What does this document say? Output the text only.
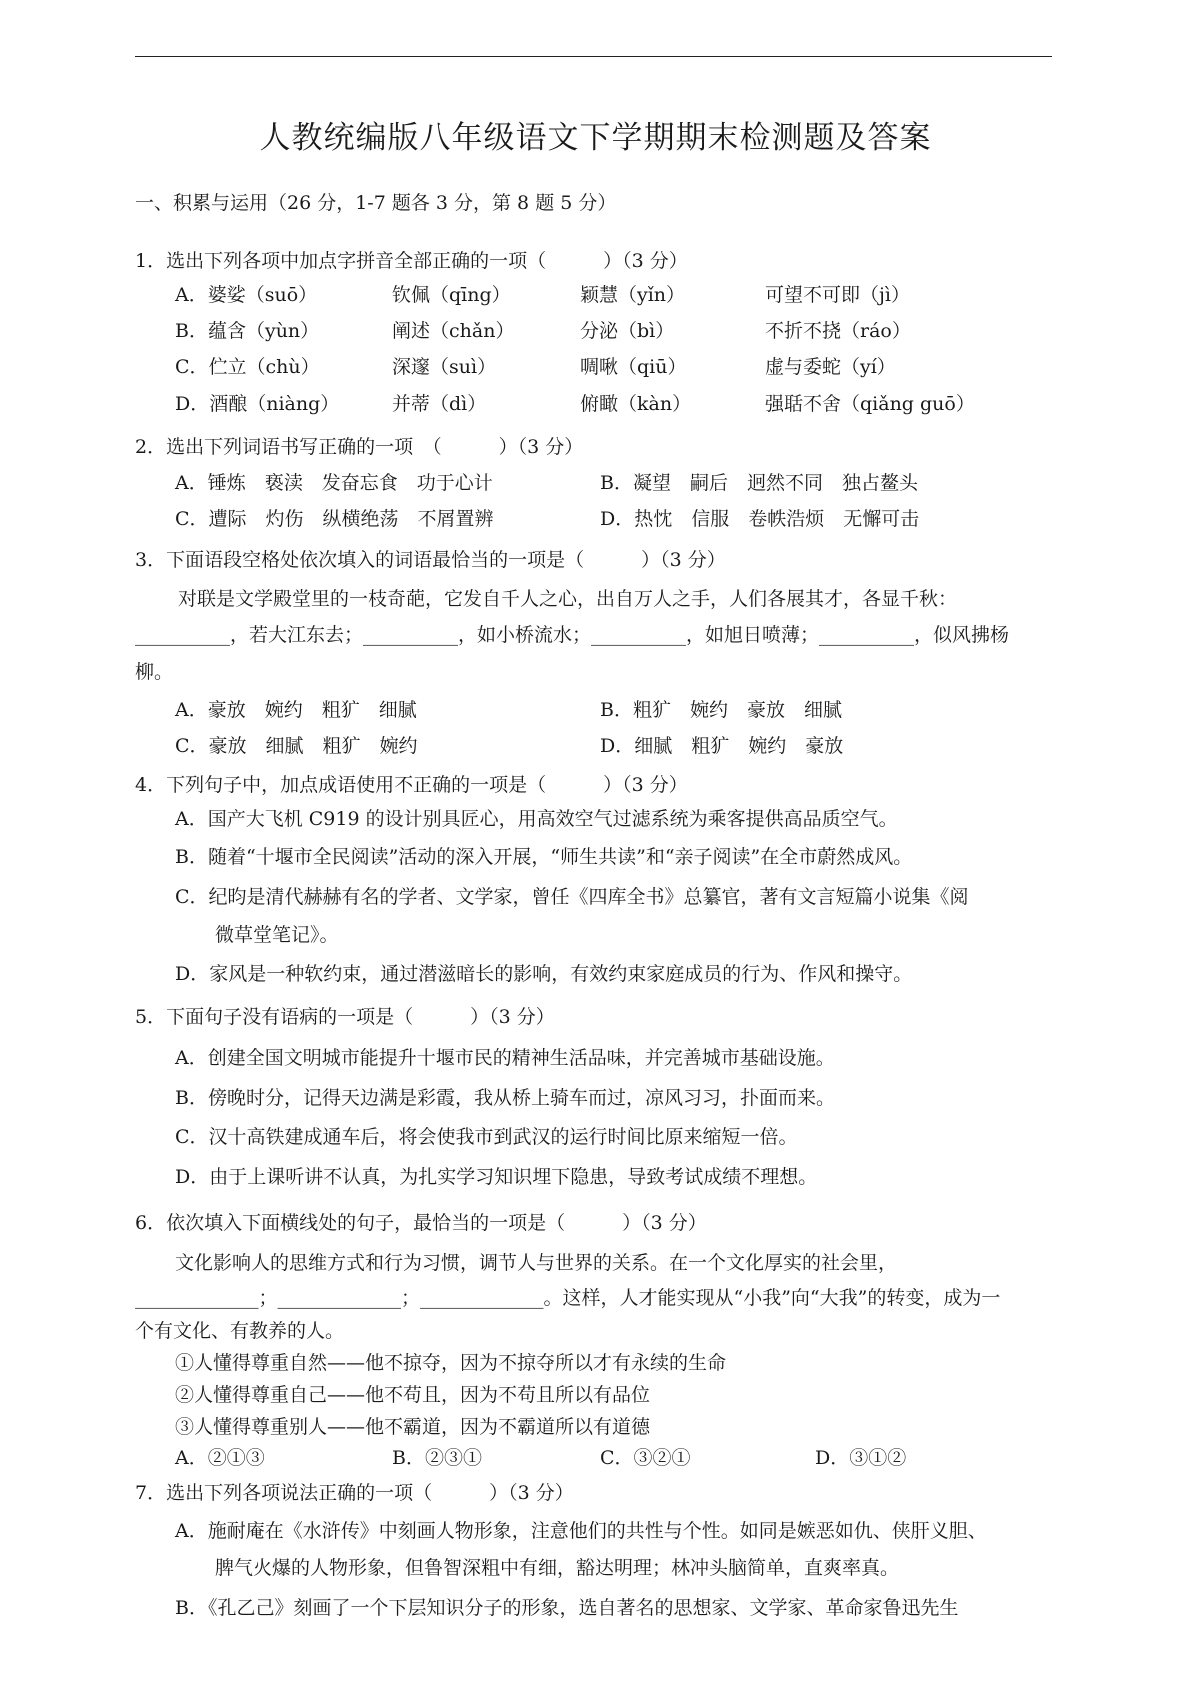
人教统编版八年级语文下学期期末检测题及答案
一、积累与运用（26 分，1-7 题各 3 分，第 8 题 5 分）
1．选出下列各项中加点字拼音全部正确的一项（　　　）（3 分）
A．婆娑（suō）	钦佩（qīng）	颖慧（yǐn）	可望不可即（jì）
B．蕴含（yùn）	阐述（chǎn）	分泌（bì）	不折不挠（ráo）
C．伫立（chù）	深邃（suì）	啁啾（qiū）	虚与委蛇（yí）
D．酒酿（niàng）	并蒂（dì）	俯瞰（kàn）	强聒不舍（qiǎng guō）
2．选出下列词语书写正确的一项　（　　　）（3 分）
A．锤炼　亵渎　发奋忘食　功于心计	B．凝望　嗣后　迥然不同　独占鳌头
C．遭际　灼伤　纵横绝荡　不屑置辨	D．热忱　信服　卷帙浩烦　无懈可击
3．下面语段空格处依次填入的词语最恰当的一项是（　　　）（3 分）
对联是文学殿堂里的一枝奇葩，它发自千人之心，出自万人之手，人们各展其才，各显千秋：
__________，若大江东去；__________，如小桥流水；__________，如旭日喷薄；__________，似风拂杨
柳。
A．豪放　婉约　粗犷　细腻	B．粗犷　婉约　豪放　细腻
C．豪放　细腻　粗犷　婉约	D．细腻　粗犷　婉约　豪放
4．下列句子中，加点成语使用不正确的一项是（　　　）（3 分）
A．国产大飞机 C919 的设计别具匠心，用高效空气过滤系统为乘客提供高品质空气。
B．随着“十堰市全民阅读”活动的深入开展，“师生共读”和“亲子阅读”在全市蔚然成风。
C．纪昀是清代赫赫有名的学者、文学家，曾任《四库全书》总纂官，著有文言短篇小说集《阅
微草堂笔记》。
D．家风是一种软约束，通过潜滋暗长的影响，有效约束家庭成员的行为、作风和操守。
5．下面句子没有语病的一项是（　　　）（3 分）
A．创建全国文明城市能提升十堰市民的精神生活品味，并完善城市基础设施。
B．傍晚时分，记得天边满是彩霞，我从桥上骑车而过，凉风习习，扑面而来。
C．汉十高铁建成通车后，将会使我市到武汉的运行时间比原来缩短一倍。
D．由于上课听讲不认真，为扎实学习知识埋下隐患，导致考试成绩不理想。
6．依次填入下面横线处的句子，最恰当的一项是（　　　）（3 分）
文化影响人的思维方式和行为习惯，调节人与世界的关系。在一个文化厚实的社会里，
_____________；_____________；_____________。这样，人才能实现从“小我”向“大我”的转变，成为一
个有文化、有教养的人。
①人懂得尊重自然——他不掠夺，因为不掠夺所以才有永续的生命
②人懂得尊重自己——他不苟且，因为不苟且所以有品位
③人懂得尊重别人——他不霸道，因为不霸道所以有道德
A．②①③	B．②③①	C．③②①	D．③①②
7．选出下列各项说法正确的一项（　　　）（3 分）
A．施耐庵在《水浒传》中刻画人物形象，注意他们的共性与个性。如同是嫉恶如仇、侠肝义胆、
脾气火爆的人物形象，但鲁智深粗中有细，豁达明理；林冲头脑简单，直爽率真。
B．《孔乙己》刻画了一个下层知识分子的形象，选自著名的思想家、文学家、革命家鲁迅先生
